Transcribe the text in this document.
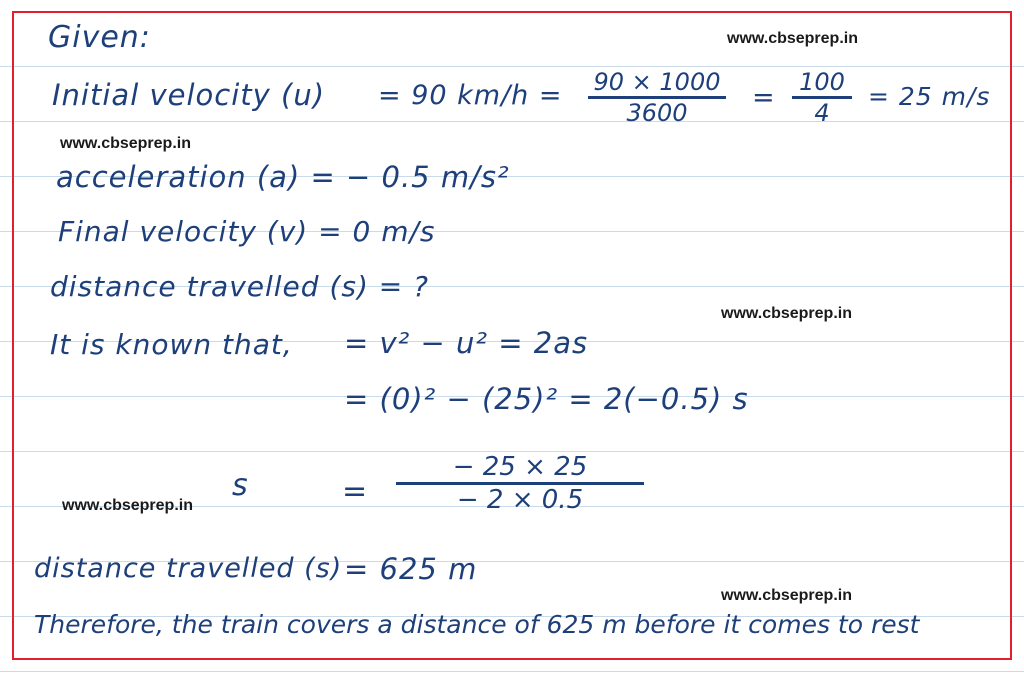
www.cbseprep.in
www.cbseprep.in
www.cbseprep.in
www.cbseprep.in
www.cbseprep.in
Given:
Initial velocity (u) = 90 km/h = 90 × 1000
3600	= 100
4
= 25 m/s
acceleration (a) = − 0.5 m/s²
Final velocity (v) = 0 m/s
distance travelled (s) = ?
It is known that, = v² − u² = 2as
= (0)² − (25)² = 2(−0.5) s
s	=
− 25 × 25
− 2 × 0.5
distance travelled (s) = 625 m
Therefore, the train covers a distance of 625 m before it comes to rest
